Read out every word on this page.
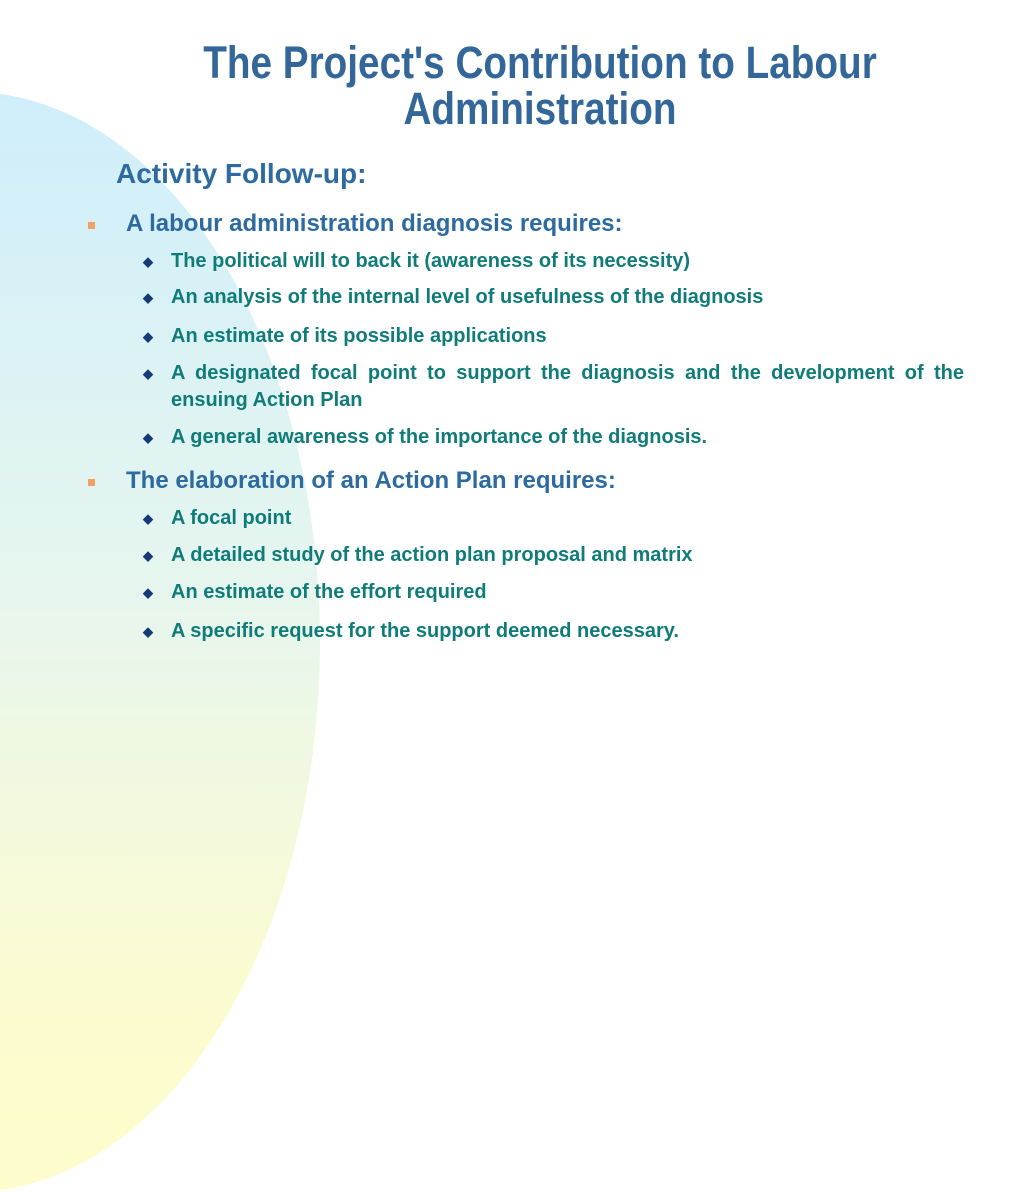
The Project's Contribution to Labour Administration
Activity Follow-up:
A labour administration diagnosis requires:
◆ The political will to back it (awareness of its necessity)
◆ An analysis of the internal level of usefulness of the diagnosis
◆ An estimate of its possible applications
◆ A designated focal point to support the diagnosis and the development of the ensuing Action Plan
◆ A general awareness of the importance of the diagnosis.
The elaboration of an Action Plan requires:
◆ A focal point
◆ A detailed study of the action plan proposal and matrix
◆ An estimate of the effort required
◆ A specific request for the support deemed necessary.
